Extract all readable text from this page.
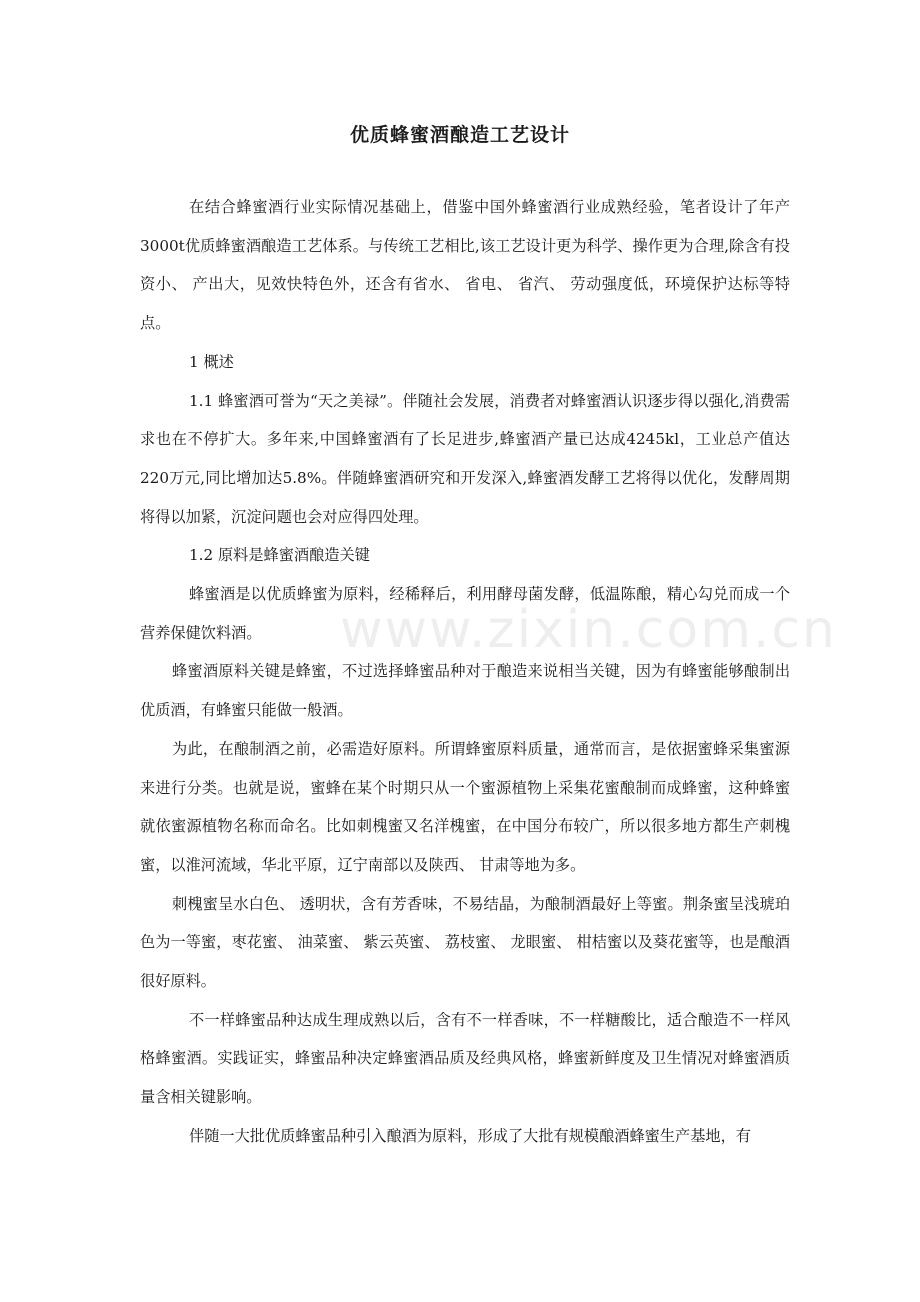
优质蜂蜜酒酿造工艺设计

在结合蜂蜜酒行业实际情况基础上，借鉴中国外蜂蜜酒行业成熟经验，笔者设计了年产3000t优质蜂蜜酒酿造工艺体系。与传统工艺相比,该工艺设计更为科学、操作更为合理,除含有投资小、 产出大，见效快特色外，还含有省水、 省电、 省汽、 劳动强度低，环境保护达标等特点。

1 概述

1.1 蜂蜜酒可誉为“天之美禄”。伴随社会发展，消费者对蜂蜜酒认识逐步得以强化,消费需求也在不停扩大。多年来,中国蜂蜜酒有了长足进步,蜂蜜酒产量已达成4245kl，工业总产值达220万元,同比增加达5.8%。伴随蜂蜜酒研究和开发深入,蜂蜜酒发酵工艺将得以优化，发酵周期将得以加紧，沉淀问题也会对应得四处理。

1.2 原料是蜂蜜酒酿造关键

蜂蜜酒是以优质蜂蜜为原料，经稀释后，利用酵母菌发酵，低温陈酿，精心勾兑而成一个营养保健饮料酒。

蜂蜜酒原料关键是蜂蜜，不过选择蜂蜜品种对于酿造来说相当关键，因为有蜂蜜能够酿制出优质酒，有蜂蜜只能做一般酒。

为此，在酿制酒之前，必需造好原料。所谓蜂蜜原料质量，通常而言，是依据蜜蜂采集蜜源来进行分类。也就是说，蜜蜂在某个时期只从一个蜜源植物上采集花蜜酿制而成蜂蜜，这种蜂蜜就依蜜源植物名称而命名。比如刺槐蜜又名洋槐蜜，在中国分布较广，所以很多地方都生产刺槐蜜，以淮河流域，华北平原，辽宁南部以及陕西、 甘肃等地为多。

刺槐蜜呈水白色、 透明状，含有芳香味，不易结晶，为酿制酒最好上等蜜。荆条蜜呈浅琥珀色为一等蜜，枣花蜜、 油菜蜜、 紫云英蜜、 荔枝蜜、 龙眼蜜、 柑桔蜜以及葵花蜜等，也是酿酒很好原料。

不一样蜂蜜品种达成生理成熟以后，含有不一样香味，不一样糖酸比，适合酿造不一样风格蜂蜜酒。实践证实，蜂蜜品种决定蜂蜜酒品质及经典风格，蜂蜜新鲜度及卫生情况对蜂蜜酒质量含相关键影响。

伴随一大批优质蜂蜜品种引入酿酒为原料，形成了大批有规模酿酒蜂蜜生产基地，有

www.zixin.com.cn
